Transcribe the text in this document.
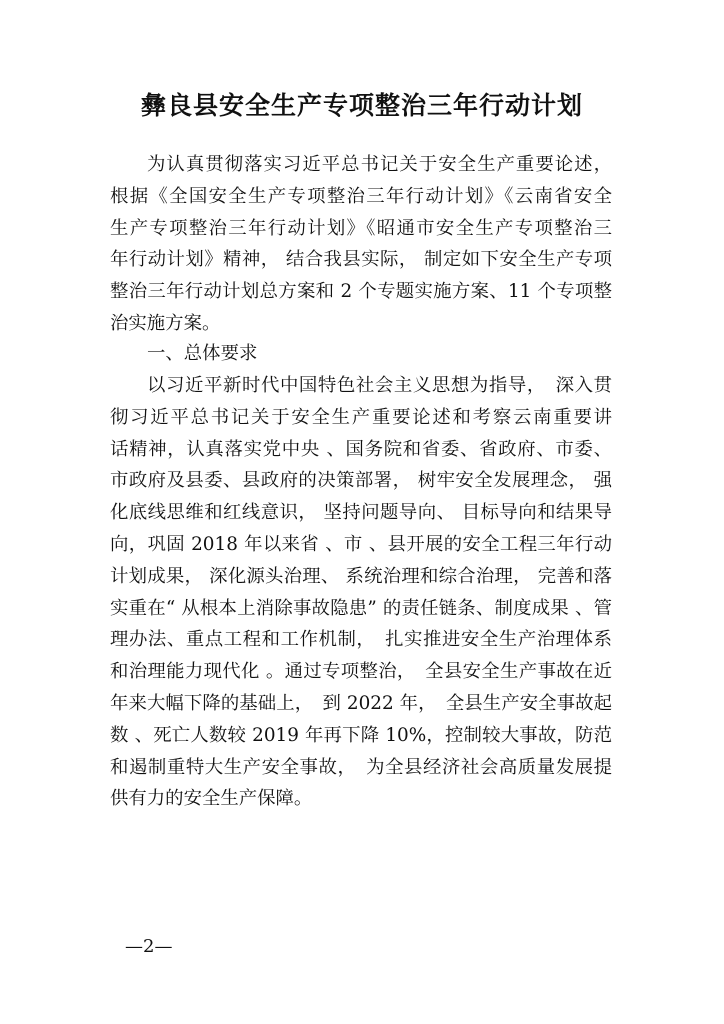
彝良县安全生产专项整治三年行动计划
为认真贯彻落实习近平总书记关于安全生产重要论述，
根据《全国安全生产专项整治三年行动计划》《云南省安全
生产专项整治三年行动计划》《昭通市安全生产专项整治三
年行动计划》精神， 结合我县实际， 制定如下安全生产专项
整治三年行动计划总方案和 2 个专题实施方案、11 个专项整
治实施方案。
一、总体要求
以习近平新时代中国特色社会主义思想为指导，　深入贯
彻习近平总书记关于安全生产重要论述和考察云南重要讲
话精神，认真落实党中央 、国务院和省委、省政府、市委、
市政府及县委、县政府的决策部署， 树牢安全发展理念， 强
化底线思维和红线意识， 坚持问题导向、 目标导向和结果导
向，巩固 2018 年以来省 、市 、县开展的安全工程三年行动
计划成果， 深化源头治理、 系统治理和综合治理， 完善和落
实重在“ 从根本上消除事故隐患” 的责任链条、制度成果 、管
理办法、重点工程和工作机制，　扎实推进安全生产治理体系
和治理能力现代化 。通过专项整治，　全县安全生产事故在近
年来大幅下降的基础上，　到 2022 年，　全县生产安全事故起
数 、死亡人数较 2019 年再下降 10%，控制较大事故，防范
和遏制重特大生产安全事故，　为全县经济社会高质量发展提
供有力的安全生产保障。
—2—
